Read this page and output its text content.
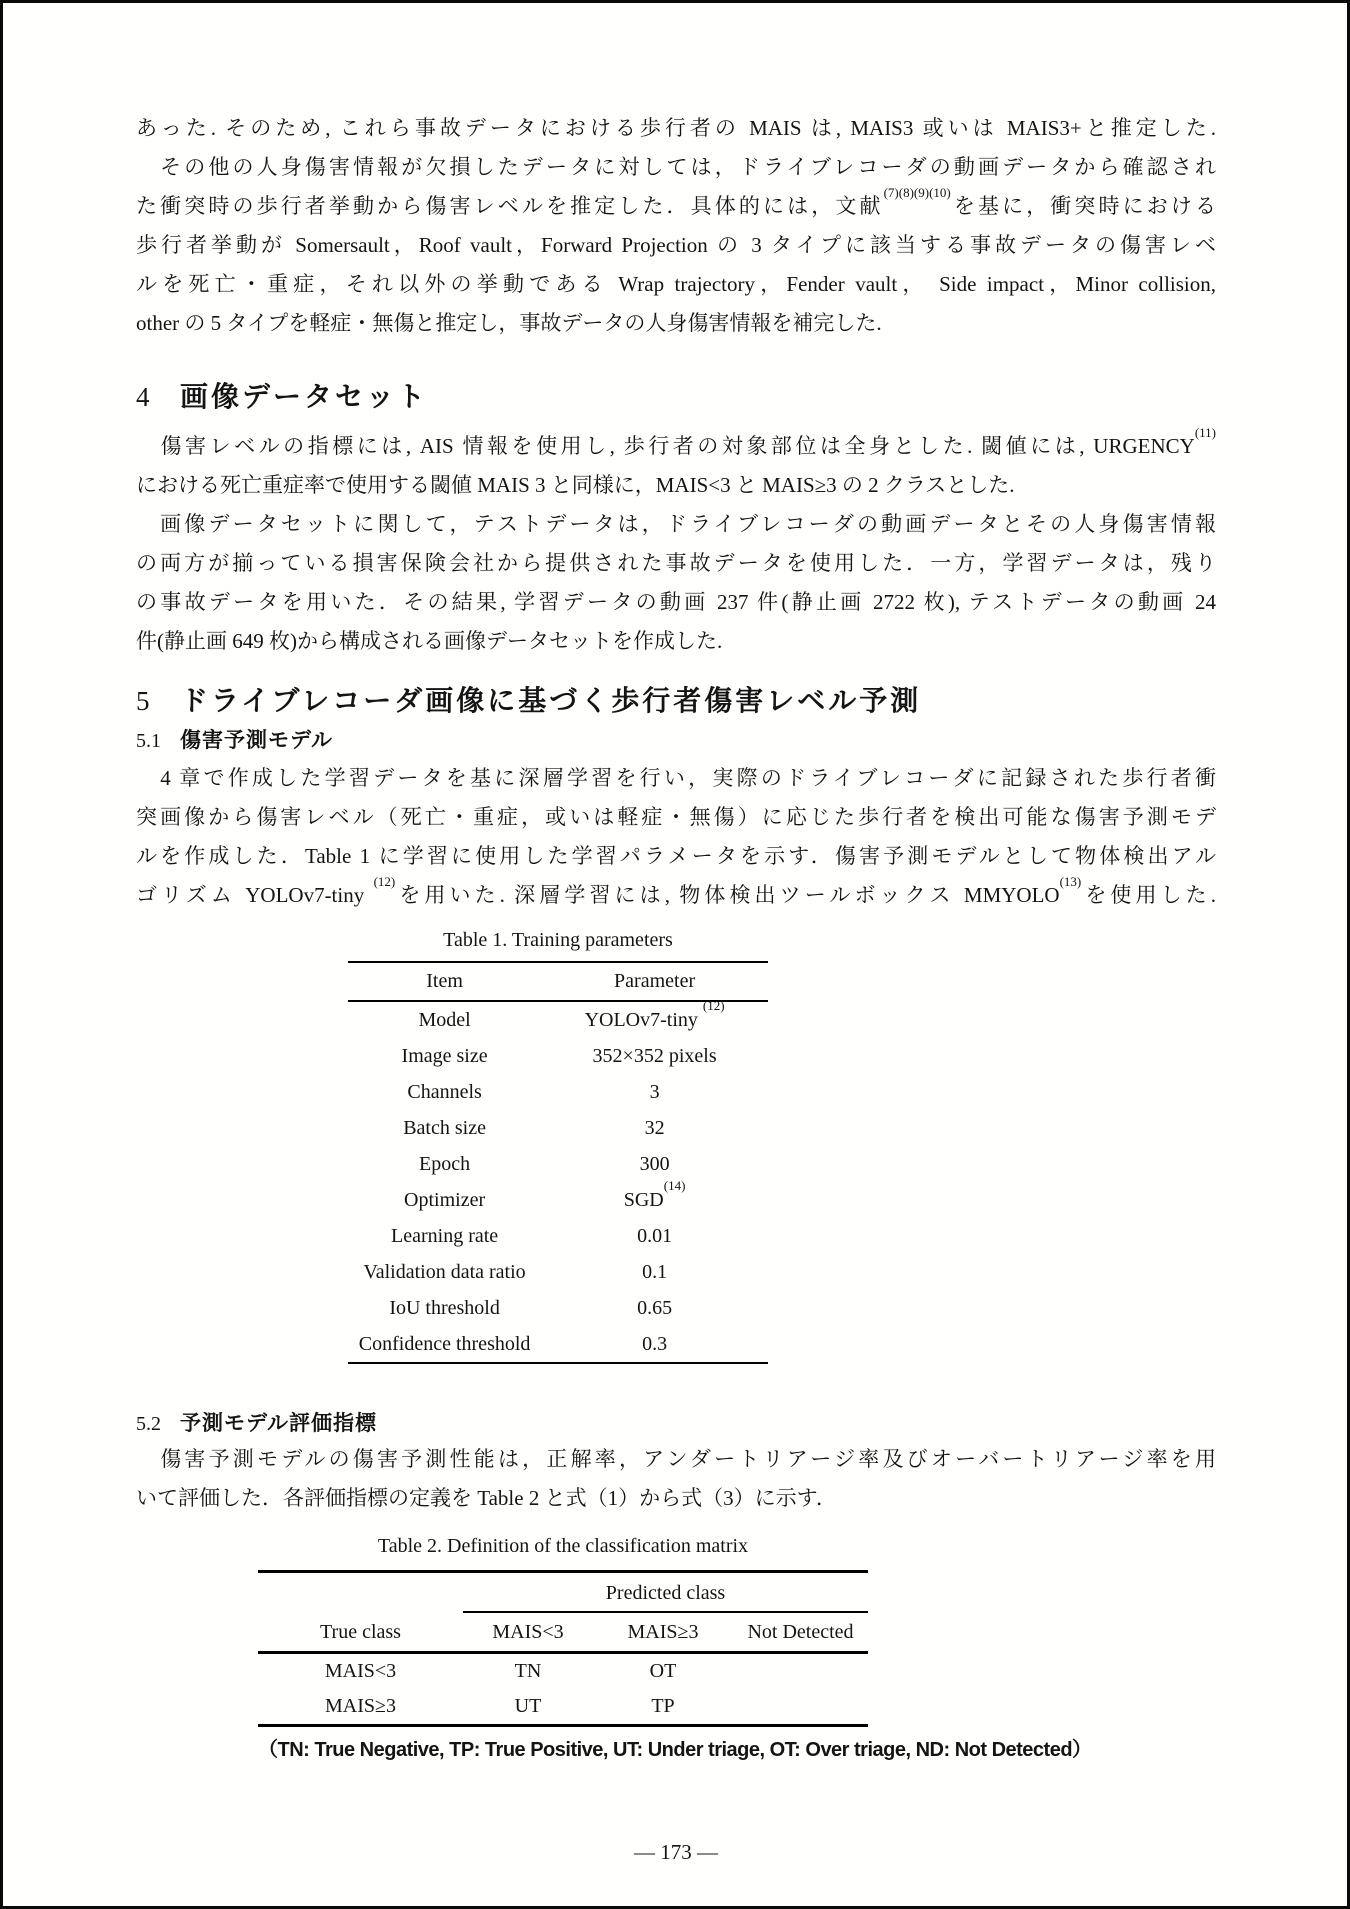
あった. そのため, これら事故データにおける歩行者の MAIS は, MAIS3 或いは MAIS3+と推定した.
　その他の人身傷害情報が欠損したデータに対しては，ドライブレコーダの動画データから確認され
た衝突時の歩行者挙動から傷害レベルを推定した．具体的には，文献$^{(7)(8)(9)(10)}$を基に，衝突時における
歩行者挙動が Somersault，Roof vault，Forward Projection の 3 タイプに該当する事故データの傷害レベ
ルを死亡・重症，それ以外の挙動である Wrap trajectory，Fender vault， Side impact，Minor collision,
other の 5 タイプを軽症・無傷と推定し，事故データの人身傷害情報を補完した.
4 画像データセット
　傷害レベルの指標には, AIS 情報を使用し, 歩行者の対象部位は全身とした. 閾値には, URGENCY$^{(11)}$
における死亡重症率で使用する閾値 MAIS 3 と同様に，MAIS<3 と MAIS≥3 の 2 クラスとした.
　画像データセットに関して，テストデータは，ドライブレコーダの動画データとその人身傷害情報
の両方が揃っている損害保険会社から提供された事故データを使用した．一方，学習データは，残り
の事故データを用いた．その結果, 学習データの動画 237 件(静止画 2722 枚), テストデータの動画 24
件(静止画 649 枚)から構成される画像データセットを作成した.
5 ドライブレコーダ画像に基づく歩行者傷害レベル予測
5.1 傷害予測モデル
　4 章で作成した学習データを基に深層学習を行い，実際のドライブレコーダに記録された歩行者衝
突画像から傷害レベル（死亡・重症，或いは軽症・無傷）に応じた歩行者を検出可能な傷害予測モデ
ルを作成した．Table 1 に学習に使用した学習パラメータを示す．傷害予測モデルとして物体検出アル
ゴリズム YOLOv7-tiny $^{(12)}$を用いた. 深層学習には, 物体検出ツールボックス MMYOLO$^{(13)}$を使用した.
Table 1. Training parameters
Item	Parameter
Model	YOLOv7-tiny $^{(12)}$
Image size	352×352 pixels
Channels	3
Batch size	32
Epoch	300
Optimizer	SGD$^{(14)}$
Learning rate	0.01
Validation data ratio	0.1
IoU threshold	0.65
Confidence threshold	0.3
5.2 予測モデル評価指標
　傷害予測モデルの傷害予測性能は，正解率，アンダートリアージ率及びオーバートリアージ率を用
いて評価した．各評価指標の定義を Table 2 と式（1）から式（3）に示す．
Table 2. Definition of the classification matrix
Predicted class
True class	MAIS<3	MAIS≥3	Not Detected
MAIS<3	TN	OT
MAIS≥3	UT	TP
（TN: True Negative, TP: True Positive, UT: Under triage, OT: Over triage, ND: Not Detected）
— 173 —
